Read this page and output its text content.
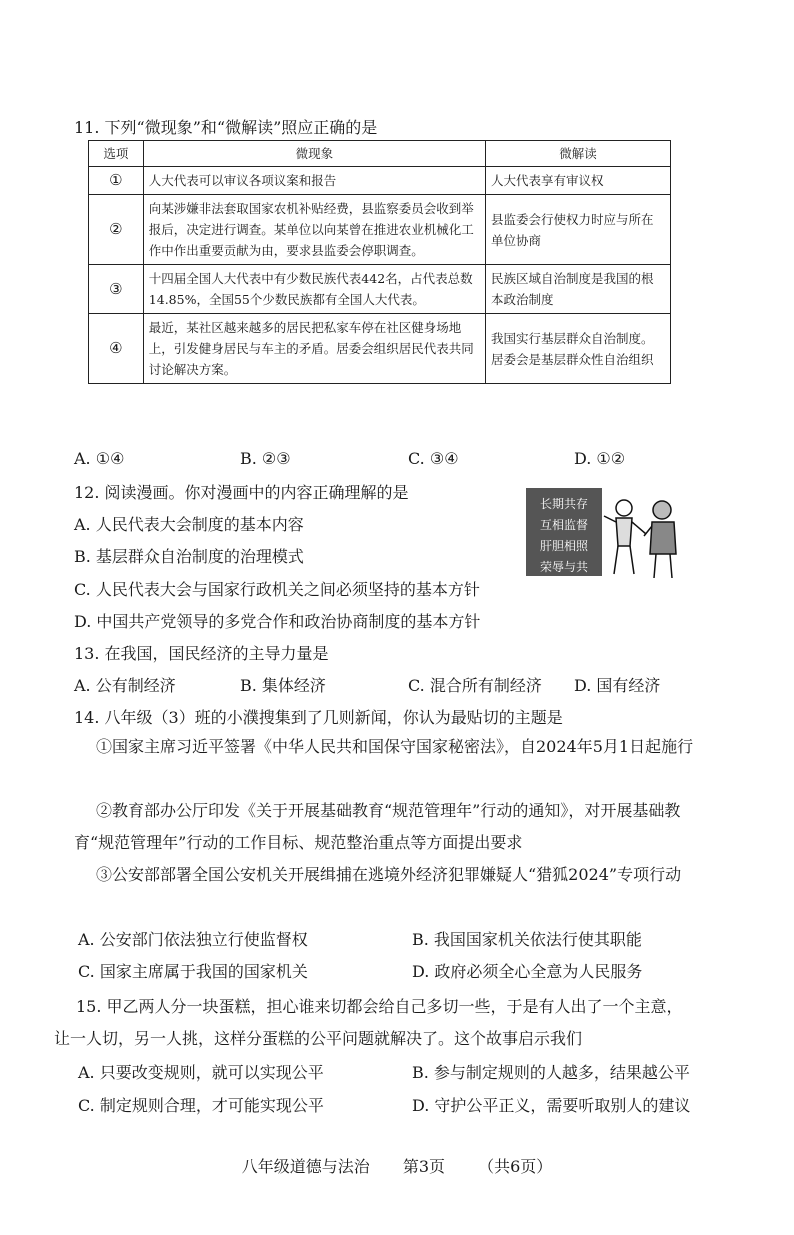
11. 下列“微现象”和“微解读”照应正确的是
选项	微现象	微解读
①	人大代表可以审议各项议案和报告	人大代表享有审议权
②	向某涉嫌非法套取国家农机补贴经费，县监察委员会收到举报后，决定进行调查。某单位以向某曾在推进农业机械化工作中作出重要贡献为由，要求县监委会停职调查。	县监委会行使权力时应与所在单位协商
③	十四届全国人大代表中有少数民族代表442名，占代表总数14.85%，全国55个少数民族都有全国人大代表。	民族区域自治制度是我国的根本政治制度
④	最近，某社区越来越多的居民把私家车停在社区健身场地上，引发健身居民与车主的矛盾。居委会组织居民代表共同讨论解决方案。	我国实行基层群众自治制度。居委会是基层群众性自治组织
A. ①④	B. ②③	C. ③④	D. ①②
12. 阅读漫画。你对漫画中的内容正确理解的是
A. 人民代表大会制度的基本内容
B. 基层群众自治制度的治理模式
C. 人民代表大会与国家行政机关之间必须坚持的基本方针
D. 中国共产党领导的多党合作和政治协商制度的基本方针
长期共存
互相监督
肝胆相照
荣辱与共
13. 在我国，国民经济的主导力量是
A. 公有制经济	B. 集体经济	C. 混合所有制经济 D. 国有经济
14. 八年级（3）班的小濮搜集到了几则新闻，你认为最贴切的主题是
①国家主席习近平签署《中华人民共和国保守国家秘密法》，自2024年5月1日起施行
②教育部办公厅印发《关于开展基础教育“规范管理年”行动的通知》，对开展基础教育“规范管理年”行动的工作目标、规范整治重点等方面提出要求
③公安部部署全国公安机关开展缉捕在逃境外经济犯罪嫌疑人“猎狐2024”专项行动
A. 公安部门依法独立行使监督权	B. 我国国家机关依法行使其职能
C. 国家主席属于我国的国家机关	D. 政府必须全心全意为人民服务
15. 甲乙两人分一块蛋糕，担心谁来切都会给自己多切一些，于是有人出了一个主意，
让一人切，另一人挑，这样分蛋糕的公平问题就解决了。这个故事启示我们
A. 只要改变规则，就可以实现公平	B. 参与制定规则的人越多，结果越公平
C. 制定规则合理，才可能实现公平	D. 守护公平正义，需要听取别人的建议
八年级道德与法治 第3页 （共6页）
